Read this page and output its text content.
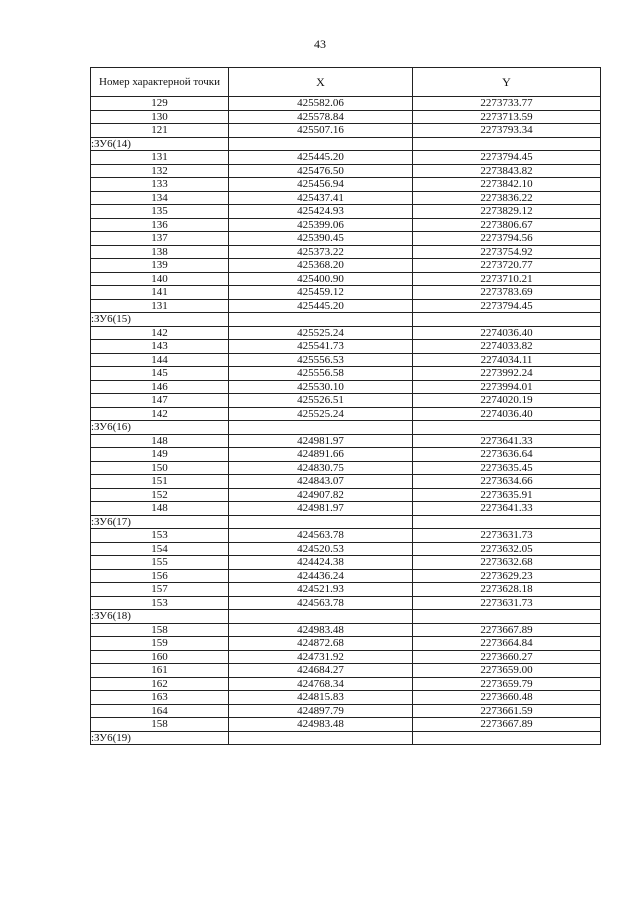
43
Номер характерной точки	X	Y
129	425582.06	2273733.77
130	425578.84	2273713.59
121	425507.16	2273793.34
:ЗУ6(14)		
131	425445.20	2273794.45
132	425476.50	2273843.82
133	425456.94	2273842.10
134	425437.41	2273836.22
135	425424.93	2273829.12
136	425399.06	2273806.67
137	425390.45	2273794.56
138	425373.22	2273754.92
139	425368.20	2273720.77
140	425400.90	2273710.21
141	425459.12	2273783.69
131	425445.20	2273794.45
:ЗУ6(15)		
142	425525.24	2274036.40
143	425541.73	2274033.82
144	425556.53	2274034.11
145	425556.58	2273992.24
146	425530.10	2273994.01
147	425526.51	2274020.19
142	425525.24	2274036.40
:ЗУ6(16)		
148	424981.97	2273641.33
149	424891.66	2273636.64
150	424830.75	2273635.45
151	424843.07	2273634.66
152	424907.82	2273635.91
148	424981.97	2273641.33
:ЗУ6(17)		
153	424563.78	2273631.73
154	424520.53	2273632.05
155	424424.38	2273632.68
156	424436.24	2273629.23
157	424521.93	2273628.18
153	424563.78	2273631.73
:ЗУ6(18)		
158	424983.48	2273667.89
159	424872.68	2273664.84
160	424731.92	2273660.27
161	424684.27	2273659.00
162	424768.34	2273659.79
163	424815.83	2273660.48
164	424897.79	2273661.59
158	424983.48	2273667.89
:ЗУ6(19)		
